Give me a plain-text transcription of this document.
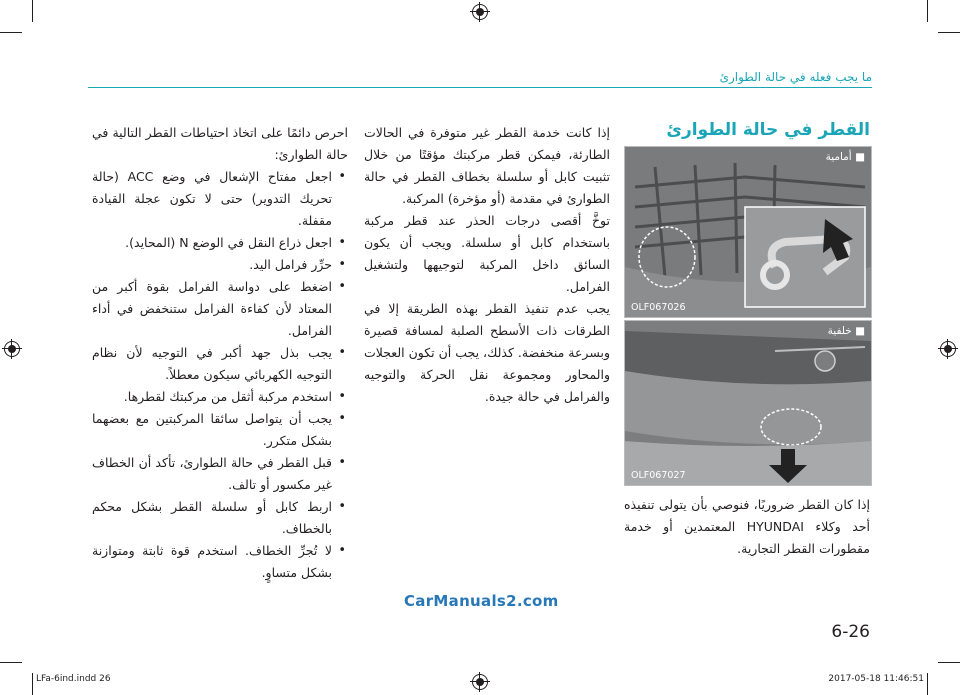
ما يجب فعله في حالة الطوارئ
القطر في حالة الطوارئ

احرص دائمًا على اتخاذ احتياطات القطر التالية في حالة الطوارئ:

• اجعل مفتاح الإشعال في وضع ACC (حالة تحريك التدوير) حتى لا تكون عجلة القيادة مقفلة.
• اجعل ذراع النقل في الوضع N (المحايد).
• حرِّر فرامل اليد.
• اضغط على دواسة الفرامل بقوة أكبر من المعتاد لأن كفاءة الفرامل ستنخفض في أداء الفرامل.
• يجب بذل جهد أكبر في التوجيه لأن نظام التوجيه الكهربائي سيكون معطلاً.
• استخدم مركبة أثقل من مركبتك لقطرها.
• يجب أن يتواصل سائقا المركبتين مع بعضهما بشكل متكرر.
• قبل القطر في حالة الطوارئ، تأكد أن الخطاف غير مكسور أو تالف.
• اربط كابل أو سلسلة القطر بشكل محكم بالخطاف.
• لا تُجرِّ الخطاف. استخدم قوة ثابتة ومتوازنة بشكل متساوٍ.

إذا كانت خدمة القطر غير متوفرة في الحالات الطارئة، فيمكن قطر مركبتك مؤقتًا من خلال تثبيت كابل أو سلسلة بخطاف القطر في حالة الطوارئ في مقدمة (أو مؤخرة) المركبة.

توخَّ أقصى درجات الحذر عند قطر مركبة باستخدام كابل أو سلسلة. ويجب أن يكون السائق داخل المركبة لتوجيهها ولتشغيل الفرامل.

يجب عدم تنفيذ القطر بهذه الطريقة إلا في الطرقات ذات الأسطح الصلبة لمسافة قصيرة وبسرعة منخفضة. كذلك، يجب أن تكون العجلات والمحاور ومجموعة نقل الحركة والتوجيه والفرامل في حالة جيدة.

■ أمامية
OLF067026
■ خلفية
OLF067027
إذا كان القطر ضروريًا، فنوصي بأن يتولى تنفيذه أحد وكلاء HYUNDAI المعتمدين أو خدمة مقطورات القطر التجارية.
CarManuals2.com
6-26
LFa-6ind.indd 26	2017-05-18 11:46:51
